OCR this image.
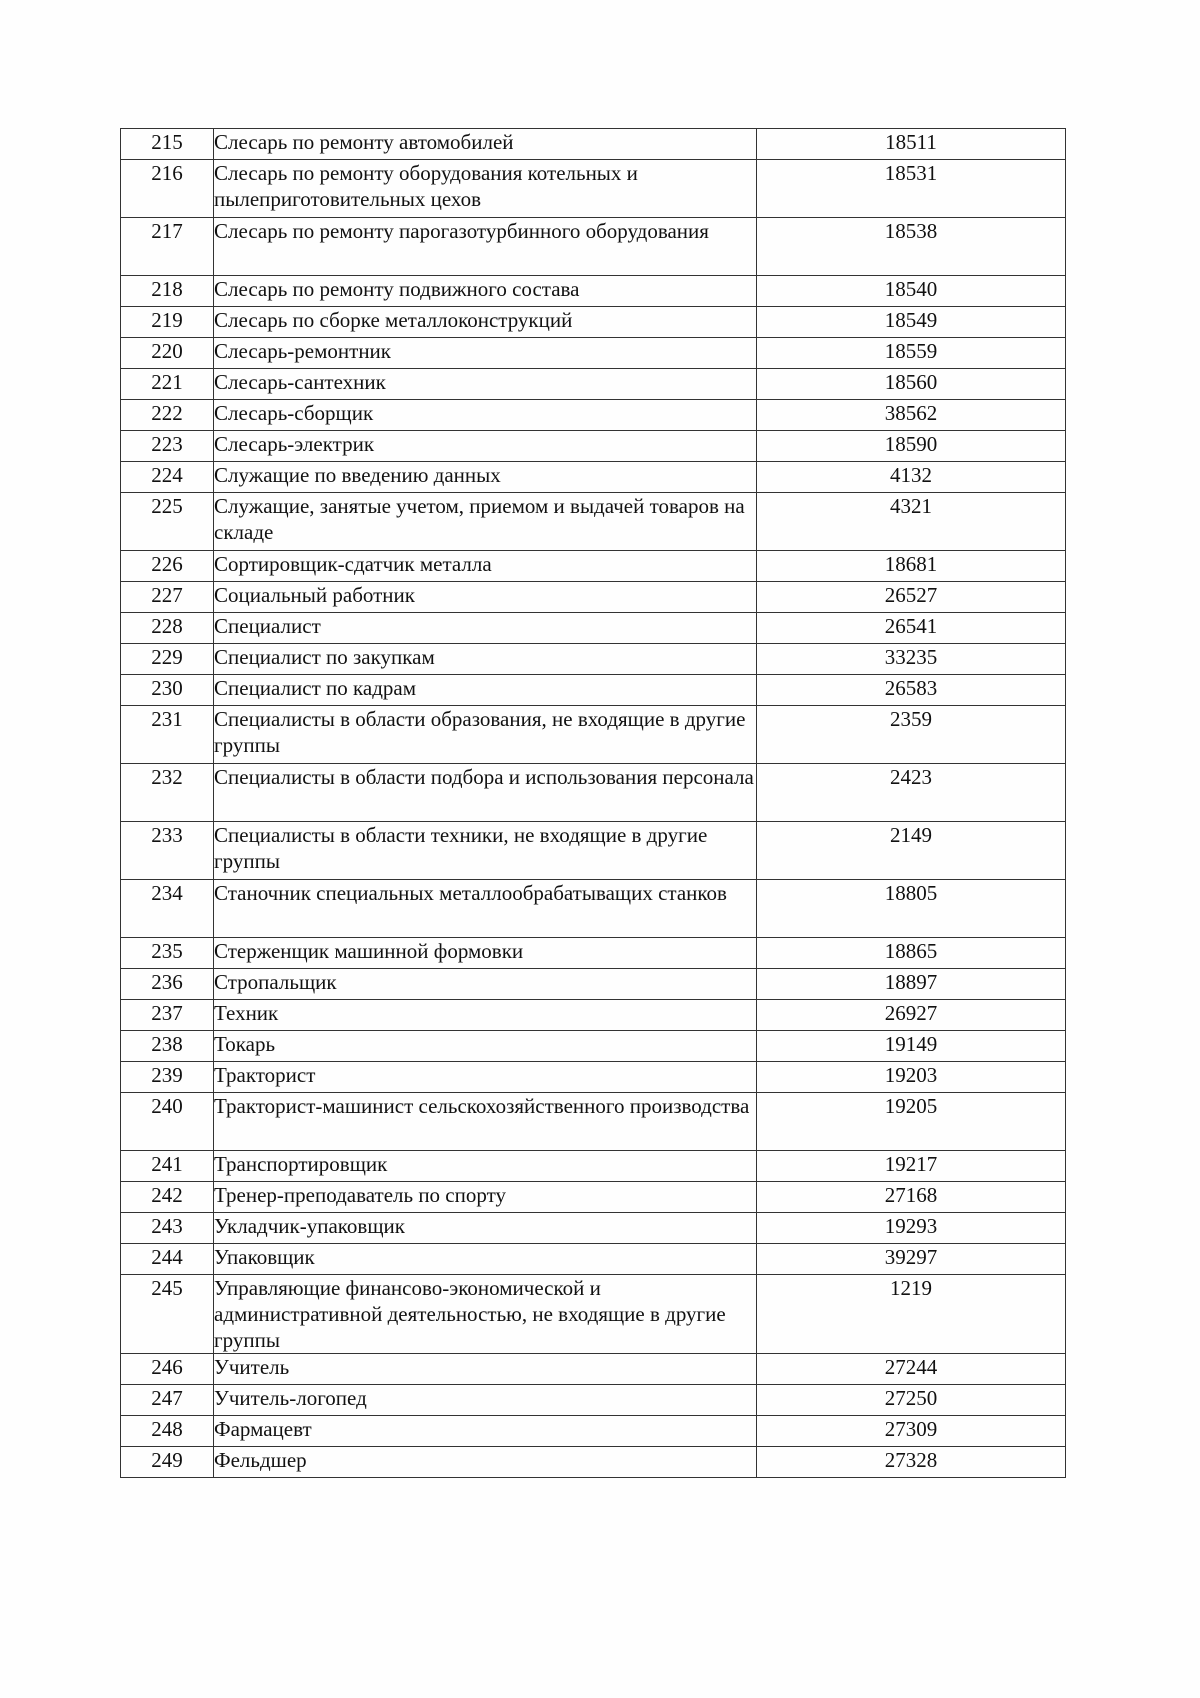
215	Слесарь по ремонту автомобилей	18511
216	Слесарь по ремонту оборудования котельных и пылеприготовительных цехов	18531
217	Слесарь по ремонту парогазотурбинного оборудования	18538
218	Слесарь по ремонту подвижного состава	18540
219	Слесарь по сборке металлоконструкций	18549
220	Слесарь-ремонтник	18559
221	Слесарь-сантехник	18560
222	Слесарь-сборщик	38562
223	Слесарь-электрик	18590
224	Служащие по введению данных	4132
225	Служащие, занятые учетом, приемом и выдачей товаров на складе	4321
226	Сортировщик-сдатчик металла	18681
227	Социальный работник	26527
228	Специалист	26541
229	Специалист по закупкам	33235
230	Специалист по кадрам	26583
231	Специалисты в области образования, не входящие в другие группы	2359
232	Специалисты в области подбора и использования персонала	2423
233	Специалисты в области техники, не входящие в другие группы	2149
234	Станочник специальных металлообрабатыващих станков	18805
235	Стерженщик машинной формовки	18865
236	Стропальщик	18897
237	Техник	26927
238	Токарь	19149
239	Тракторист	19203
240	Тракторист-машинист сельскохозяйственного производства	19205
241	Транспортировщик	19217
242	Тренер-преподаватель по спорту	27168
243	Укладчик-упаковщик	19293
244	Упаковщик	39297
245	Управляющие финансово-экономической и административной деятельностью, не входящие в другие группы	1219
246	Учитель	27244
247	Учитель-логопед	27250
248	Фармацевт	27309
249	Фельдшер	27328
